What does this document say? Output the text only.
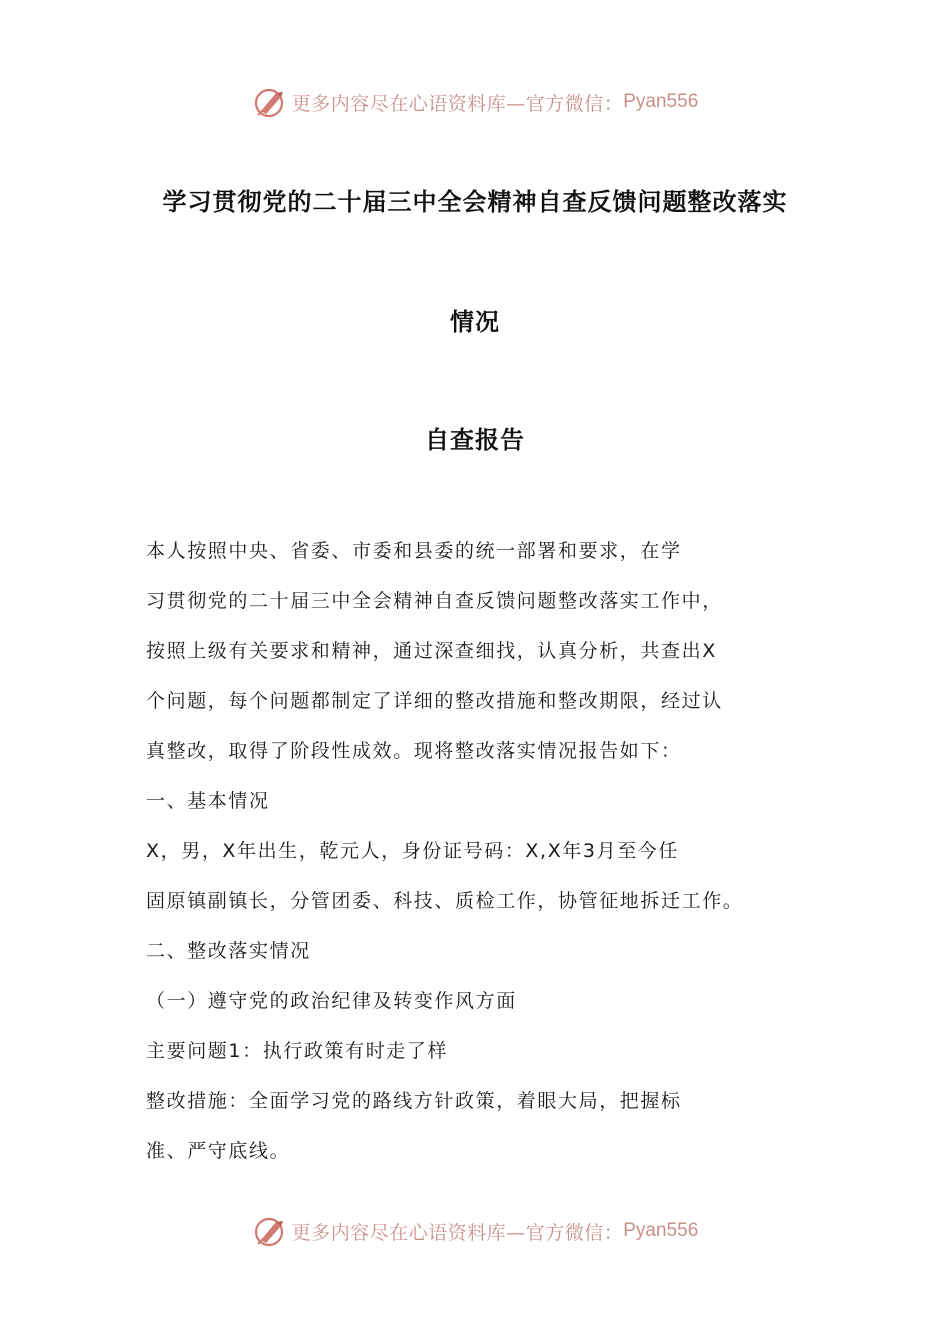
更多内容尽在心语资料库—官方微信： Pyan556
学习贯彻党的二十届三中全会精神自查反馈问题整改落实
情况
自查报告
本人按照中央、省委、市委和县委的统一部署和要求，在学
习贯彻党的二十届三中全会精神自查反馈问题整改落实工作中，
按照上级有关要求和精神，通过深查细找，认真分析，共查出X
个问题，每个问题都制定了详细的整改措施和整改期限，经过认
真整改，取得了阶段性成效。现将整改落实情况报告如下：
一、基本情况
X，男，X年出生，乾元人，身份证号码：X,X年3月至今任
固原镇副镇长，分管团委、科技、质检工作，协管征地拆迁工作。
二、整改落实情况
（一）遵守党的政治纪律及转变作风方面
主要问题1：执行政策有时走了样
整改措施：全面学习党的路线方针政策，着眼大局，把握标
准、严守底线。
更多内容尽在心语资料库—官方微信： Pyan556
